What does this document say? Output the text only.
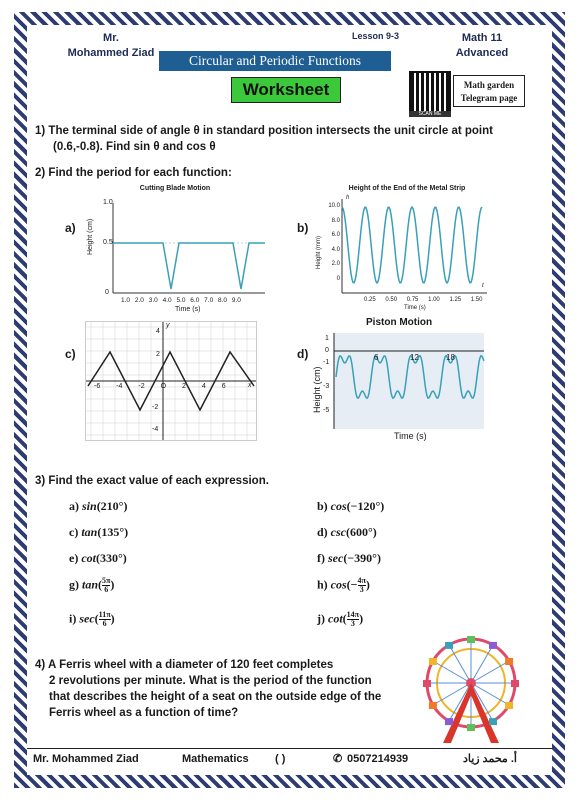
Mr.
Mohammed Ziad
Lesson 9-3
Circular and Periodic Functions
Math 11
Advanced
Worksheet
SCAN ME
Math garden
Telegram page
1) The terminal side of angle θ in standard position intersects the unit circle at point
(0.6,-0.8). Find sin θ and cos θ
2) Find the period for each function:
a)
Cutting Blade Motion
Height (cm)
1.0
0.5
0
1.0 2.0 3.0 4.0 5.0 6.0 7.0 8.0 9.0
Time (s)
b)
Height of the End of the Metal Strip
Height (mm)
h
t
10.0
8.0
6.0
4.0
2.0
0
0.25 0.50 0.75 1.00 1.25 1.50
Time (s)
c)
y
x
-6 -4 -2 O 2 4 6
2
4
-2
-4
d)
Piston Motion
Height (cm)
1
0
-1
-3
-5
6	12	18
Time (s)
3) Find the exact value of each expression.
a) sin(210°)	b) cos(−120°)
c) tan(135°)	d) csc(600°)
e) cot(330°)	f) sec(−390°)
g) $\tan( \frac{5\pi}{6}$ )	h) $\cos(- \frac{4\pi}{3}$ )
i) $\sec( \frac{11\pi}{6}$ )	j) $\cot( \frac{14\pi}{3}$ )
4) A Ferris wheel with a diameter of 120 feet completes
2 revolutions per minute. What is the period of the function
that describes the height of a seat on the outside edge of the
Ferris wheel as a function of time?
Mr. Mohammed Ziad	Mathematics ( )	✆ 0507214939	أ. محمد زياد
